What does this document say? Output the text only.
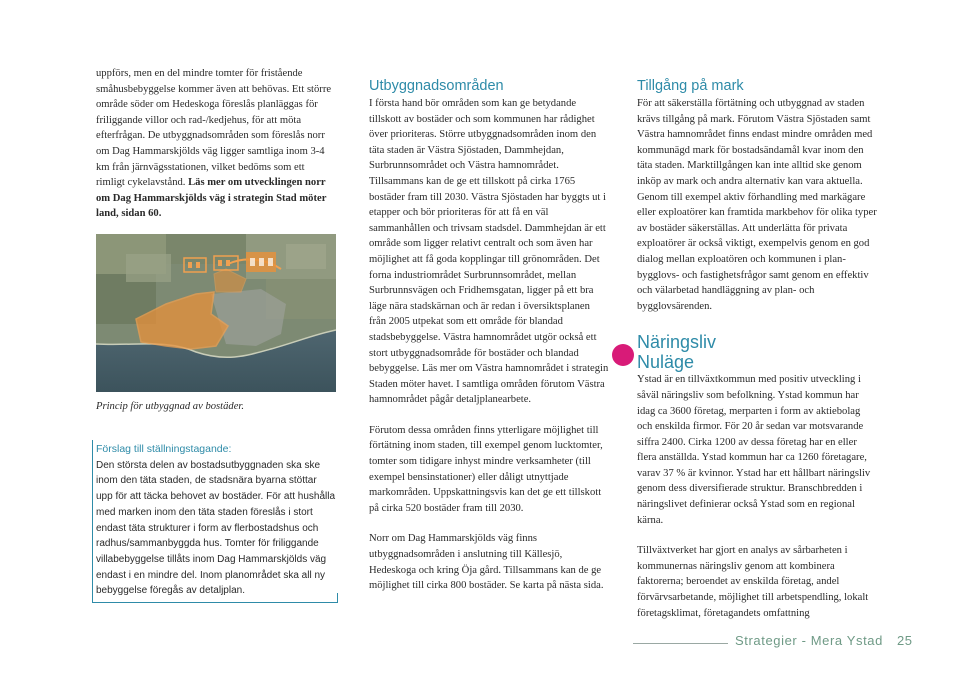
uppförs, men en del mindre tomter för fristående småhusbebyggelse kommer även att behövas. Ett större område söder om Hedeskoga föreslås planläggas för friliggande villor och rad-/kedjehus, för att möta efterfrågan. De utbyggnadsområden som föreslås norr om Dag Hammarskjölds väg ligger samtliga inom 3-4 km från järnvägsstationen, vilket bedöms som ett rimligt cykelavstånd. Läs mer om utvecklingen norr om Dag Hammarskjölds väg i strategin Stad möter land, sidan 60.

Princip för utbyggnad av bostäder.
Förslag till ställningstagande:
Den största delen av bostadsutbyggnaden ska ske inom den täta staden, de stadsnära byarna stöttar upp för att täcka behovet av bostäder. För att hushålla med marken inom den täta staden föreslås i stort endast täta strukturer i form av flerbostadshus och radhus/sammanbyggda hus. Tomter för friliggande villabebyggelse tillåts inom Dag Hammarskjölds väg endast i en mindre del. Inom planområdet ska all ny bebyggelse föregås av detaljplan.
Utbyggnadsområden

I första hand bör områden som kan ge betydande tillskott av bostäder och som kommunen har rådighet över prioriteras. Större utbyggnadsområden inom den täta staden är Västra Sjöstaden, Dammhejdan, Surbrunnsområdet och Västra hamnområdet. Tillsammans kan de ge ett tillskott på cirka 1765 bostäder fram till 2030. Västra Sjöstaden har byggts ut i etapper och bör prioriteras för att få en väl sammanhållen och trivsam stadsdel. Dammhejdan är ett område som ligger relativt centralt och som även har möjlighet att få goda kopplingar till grönområden. Det forna industriområdet Surbrunnsområdet, mellan Surbrunnsvägen och Fridhemsgatan, ligger på ett bra läge nära stadskärnan och är redan i översiktsplanen från 2005 utpekat som ett område för blandad stadsbebyggelse. Västra hamnområdet utgör också ett stort utbyggnadsområde för bostäder och blandad bebyggelse. Läs mer om Västra hamnområdet i strategin Staden möter havet. I samtliga områden förutom Västra hamnområdet pågår detaljplanearbete.

Förutom dessa områden finns ytterligare möjlighet till förtätning inom staden, till exempel genom lucktomter, tomter som tidigare inhyst mindre verksamheter (till exempel bensinstationer) eller dåligt utnyttjade markområden. Uppskattningsvis kan det ge ett tillskott på cirka 520 bostäder fram till 2030.

Norr om Dag Hammarskjölds väg finns utbyggnadsområden i anslutning till Källesjö, Hedeskoga och kring Öja gård. Tillsammans kan de ge möjlighet till cirka 800 bostäder. Se karta på nästa sida.

Tillgång på mark

För att säkerställa förtätning och utbyggnad av staden krävs tillgång på mark. Förutom Västra Sjöstaden samt Västra hamnområdet finns endast mindre områden med kommunägd mark för bostadsändamål kvar inom den täta staden. Marktillgången kan inte alltid ske genom inköp av mark och andra alternativ kan vara aktuella. Genom till exempel aktiv förhandling med markägare eller exploatörer kan framtida markbehov för olika typer av bostäder säkerställas. Att underlätta för privata exploatörer är också viktigt, exempelvis genom en god dialog mellan exploatören och kommunen i plan- bygglovs- och fastighetsfrågor samt genom en effektiv och välarbetad handläggning av plan- och bygglovsärenden.

Näringsliv
Nuläge

Ystad är en tillväxtkommun med positiv utveckling i såväl näringsliv som befolkning. Ystad kommun har idag ca 3600 företag, merparten i form av aktiebolag och enskilda firmor. För 20 år sedan var motsvarande siffra 2400. Cirka 1200 av dessa företag har en eller flera anställda. Ystad kommun har ca 1260 företagare, varav 37 % är kvinnor. Ystad har ett hållbart näringsliv genom dess diversifierade struktur. Branschbredden i näringslivet definierar också Ystad som en regional kärna.

Tillväxtverket har gjort en analys av sårbarheten i kommunernas näringsliv genom att kombinera faktorerna; beroendet av enskilda företag, andel förvärvsarbetande, möjlighet till arbetspendling, lokalt företagsklimat, företagandets omfattning

Strategier - Mera Ystad 25
